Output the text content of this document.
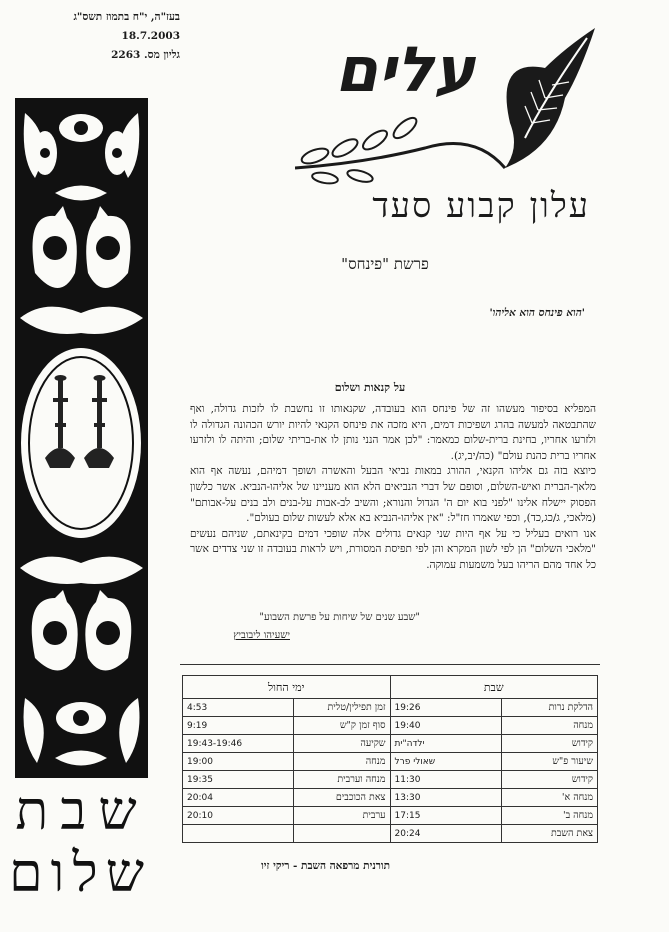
בעז"ה, י"ח בתמוז תשס"ג
18.7.2003
גליון מס. 2263
שבת
שלום
עלים
עלון קבוע סעד
פרשת "פינחס"
'הוא פינחס הוא אליהו'
על קנאות ושלום

המפליא בסיפור מעשהו זה של פינחס הוא בעובדה, שקנאותו זו נחשבת לו לזכות גדולה, ואף שהתבטאה למעשה בהרג ושפיכות דמים, היא מזכה את פינחס הקנאי להיות יורש הכהונה הגדולה לו ולזרעו אחריו, בחינת ברית-שלום כמאמר: "לכן אמר הנני נותן לו את-בריתי שלום; והיתה לו ולזרעו אחריו ברית כהנת עולם" (כה/יב,יג).

כיוצא בזה גם אליהו הקנאי, ההורג במאות נביאי הבעל והאשרה ושופך דמיהם, נעשה אף הוא מלאך-הברית ואיש-השלום, וסופם של דברי הנביאים הלא הוא מעניינו של אליהו-הנביא. אשר כלשון הפסוק יישלח אלינו "לפני בוא יום ה' הגדול והנורא; והשיב לב-אבות על-בנים ולב בנים על-אבותם" (מלאכי, ג/כג,כד), וכפי שאמרו חז"ל: "אין אליהו-הנביא בא אלא לעשות שלום בעולם".

אנו רואים בעליל כי על אף היות שני קנאים גדולים אלה שופכי דמים בקינאתם, שניהם נעשים "מלאכי השלום" הן לפי לשון המקרא והן לפי תפיסת המסורת, ויש לראות בעובדה זו שני צדדים אשר כל אחד מהם הריהו בעל משמעות עמוקה.

"שבע שנים של שיחות על פרשת השבוע"
ישעיהו ליבוביץ
שבת		ימי החול	
הדלקת נרות	19:26	זמן תפילין/טלית	4:53
מנחה	19:40	סוף זמן ק"ש	9:19
קידוש	ילדה"ית	שקיעה	19:43-19:46
שיעור פ"ש	שאולי פרל	מנחה	19:00
קידוש	11:30	מנחה וערבית	19:35
מנחה א'	13:30	צאת הכוכבים	20:04
מנחה ב'	17:15	ערבית	20:10
צאת השבת	20:24		
תורנית מרפאה השבת - ריקי זיו
